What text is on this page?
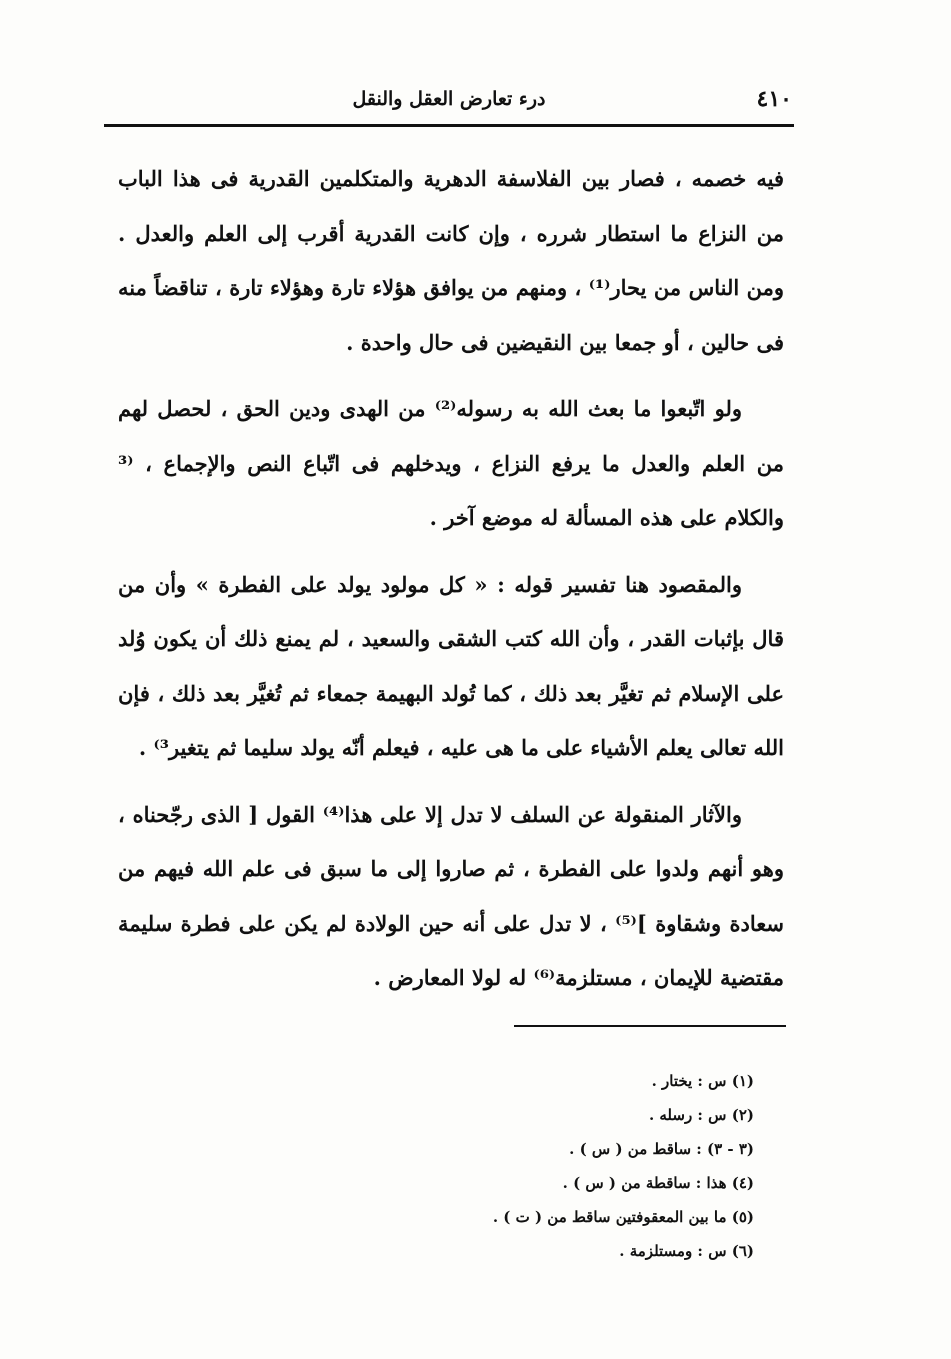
٤١٠
درء تعارض العقل والنقل

فيه خصمه ، فصار بين الفلاسفة الدهرية والمتكلمين القدرية فى هذا الباب من النزاع ما استطار شرره ، وإن كانت القدرية أقرب إلى العلم والعدل . ومن الناس من يحار⁽¹⁾ ، ومنهم من يوافق هؤلاء تارة وهؤلاء تارة ، تناقضاً منه فى حالين ، أو جمعا بين النقيضين فى حال واحدة .

ولو اتّبعوا ما بعث الله به رسوله⁽²⁾ من الهدى ودين الحق ، لحصل لهم من العلم والعدل ما يرفع النزاع ، ويدخلهم فى اتّباع النص والإجماع ، ⁽³ والكلام على هذه المسألة له موضع آخر .

والمقصود هنا تفسير قوله : « كل مولود يولد على الفطرة » وأن من قال بإثبات القدر ، وأن الله كتب الشقى والسعيد ، لم يمنع ذلك أن يكون وُلد على الإسلام ثم تغيَّر بعد ذلك ، كما تُولد البهيمة جمعاء ثم تُغيَّر بعد ذلك ، فإن الله تعالى يعلم الأشياء على ما هى عليه ، فيعلم أنّه يولد سليما ثم يتغير³⁾ .

والآثار المنقولة عن السلف لا تدل إلا على هذا⁽⁴⁾ القول [ الذى رجّحناه ، وهو أنهم ولدوا على الفطرة ، ثم صاروا إلى ما سبق فى علم الله فيهم من سعادة وشقاوة ]⁽⁵⁾ ، لا تدل على أنه حين الولادة لم يكن على فطرة سليمة مقتضية للإيمان ، مستلزمة⁽⁶⁾ له لولا المعارض .

(١) س : يختار .
(٢) س : رسله .
(٣ - ٣) : ساقط من ( س ) .
(٤) هذا : ساقطة من ( س ) .
(٥) ما بين المعقوفتين ساقط من ( ت ) .
(٦) س : ومستلزمة .
